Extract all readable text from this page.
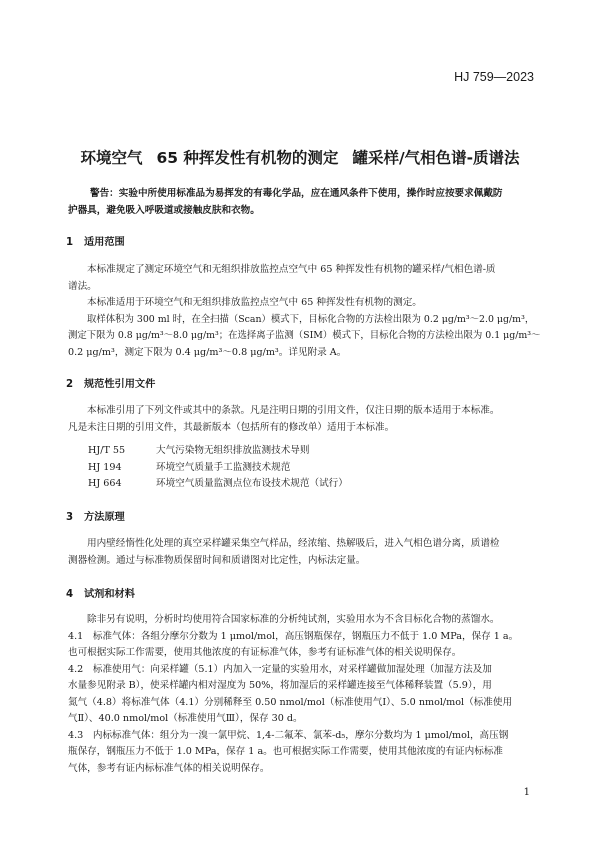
HJ 759—2023
环境空气 65 种挥发性有机物的测定 罐采样/气相色谱-质谱法
警告：实验中所使用标准品为易挥发的有毒化学品，应在通风条件下使用，操作时应按要求佩戴防
护器具，避免吸入呼吸道或接触皮肤和衣物。
1 适用范围
本标准规定了测定环境空气和无组织排放监控点空气中 65 种挥发性有机物的罐采样/气相色谱-质
谱法。
本标准适用于环境空气和无组织排放监控点空气中 65 种挥发性有机物的测定。
取样体积为 300 ml 时，在全扫描（Scan）模式下，目标化合物的方法检出限为 0.2 μg/m³～2.0 μg/m³，
测定下限为 0.8 μg/m³～8.0 μg/m³；在选择离子监测（SIM）模式下，目标化合物的方法检出限为 0.1 μg/m³～
0.2 μg/m³，测定下限为 0.4 μg/m³～0.8 μg/m³。详见附录 A。
2 规范性引用文件
本标准引用了下列文件或其中的条款。凡是注明日期的引用文件，仅注日期的版本适用于本标准。
凡是未注日期的引用文件，其最新版本（包括所有的修改单）适用于本标准。
HJ/T 55	大气污染物无组织排放监测技术导则
HJ 194	环境空气质量手工监测技术规范
HJ 664	环境空气质量监测点位布设技术规范（试行）
3 方法原理
用内壁经惰性化处理的真空采样罐采集空气样品，经浓缩、热解吸后，进入气相色谱分离，质谱检
测器检测。通过与标准物质保留时间和质谱图对比定性，内标法定量。
4 试剂和材料
除非另有说明，分析时均使用符合国家标准的分析纯试剂，实验用水为不含目标化合物的蒸馏水。
4.1　标准气体：各组分摩尔分数为 1 μmol/mol，高压钢瓶保存，钢瓶压力不低于 1.0 MPa，保存 1 a。
也可根据实际工作需要，使用其他浓度的有证标准气体，参考有证标准气体的相关说明保存。
4.2　标准使用气：向采样罐（5.1）内加入一定量的实验用水，对采样罐做加湿处理（加湿方法及加
水量参见附录 B），使采样罐内相对湿度为 50%，将加湿后的采样罐连接至气体稀释装置（5.9），用
氮气（4.8）将标准气体（4.1）分别稀释至 0.50 nmol/mol（标准使用气Ⅰ）、5.0 nmol/mol（标准使用
气Ⅱ）、40.0 nmol/mol（标准使用气Ⅲ），保存 30 d。
4.3　内标标准气体：组分为一溴一氯甲烷、1,4-二氟苯、氯苯-d₅，摩尔分数均为 1 μmol/mol，高压钢
瓶保存，钢瓶压力不低于 1.0 MPa，保存 1 a。也可根据实际工作需要，使用其他浓度的有证内标标准
气体，参考有证内标标准气体的相关说明保存。
1
